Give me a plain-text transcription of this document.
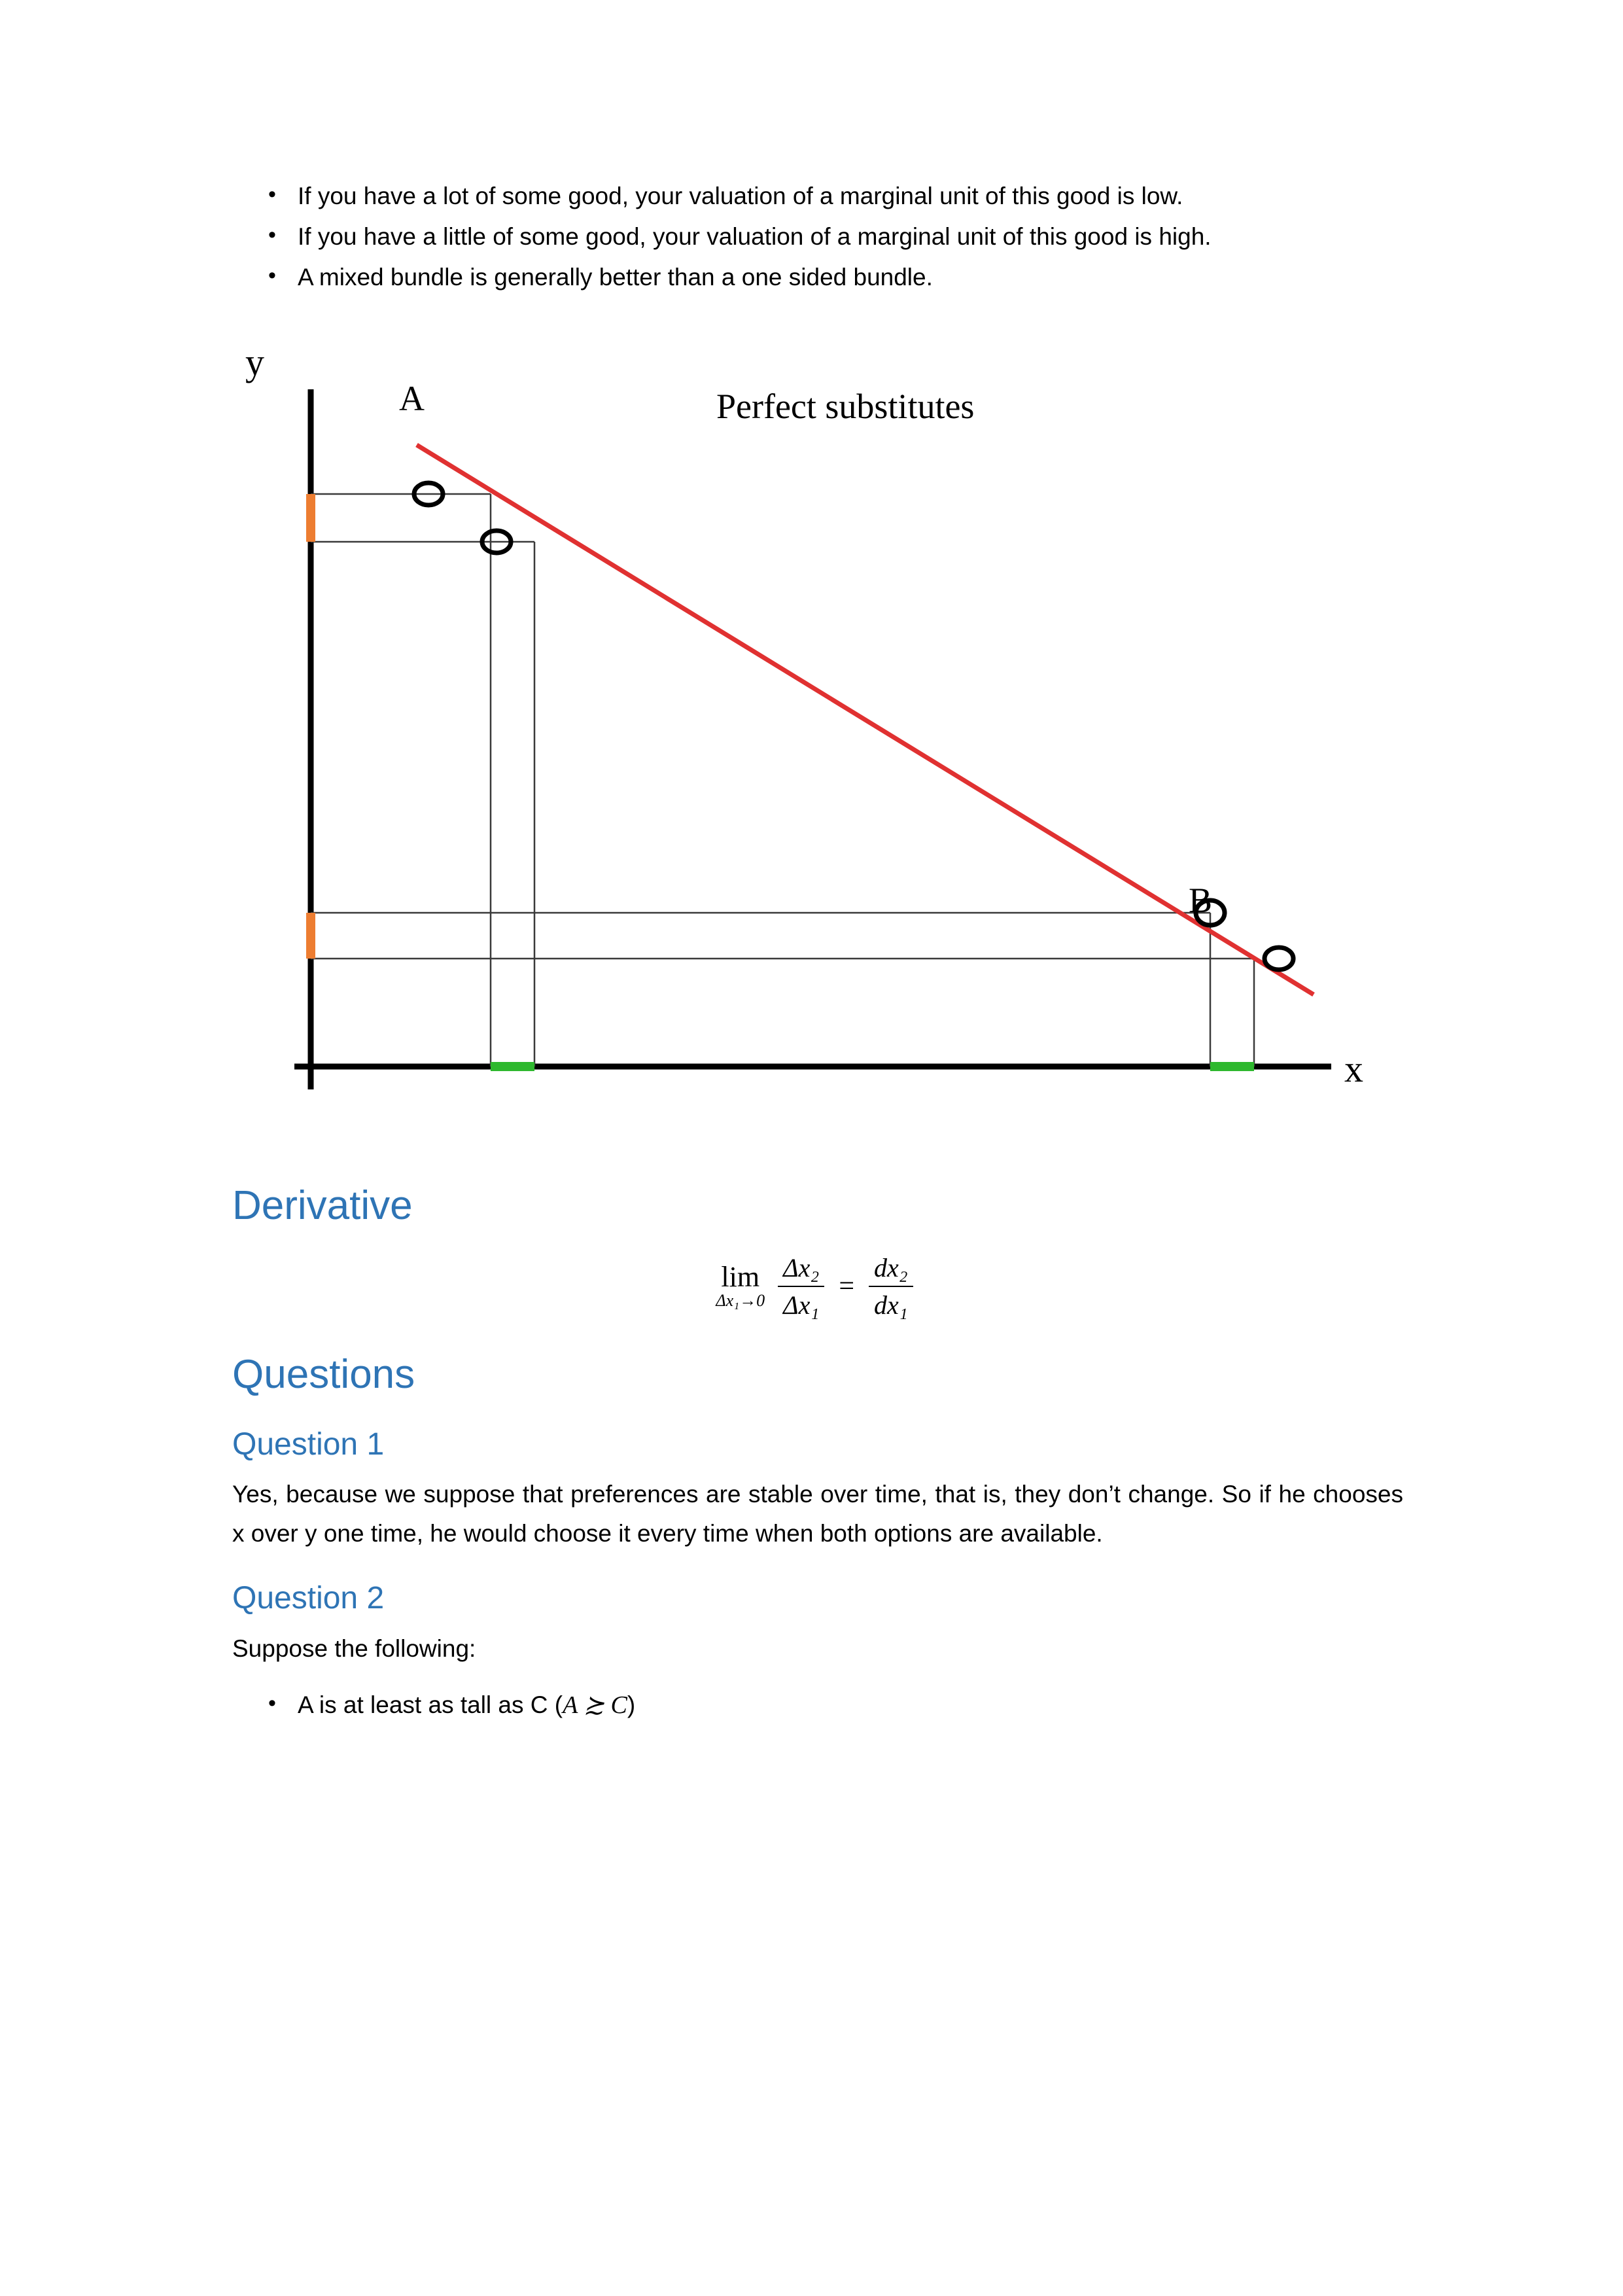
• If you have a lot of some good, your valuation of a marginal unit of this good is low.
• If you have a little of some good, your valuation of a marginal unit of this good is high.
• A mixed bundle is generally better than a one sided bundle.
y
x
Perfect substitutes
A
B
Derivative
lim
Δx₁→0
$\frac{\text{Δx₂}}{\text{Δx₁}} = \frac{\text{dx₂}}{\text{dx₁}}$
Questions
Question 1

Yes, because we suppose that preferences are stable over time, that is, they don’t change. So if he chooses x over y one time, he would choose it every time when both options are available.

Question 2

Suppose the following:

• A is at least as tall as C (A ≿ C)
